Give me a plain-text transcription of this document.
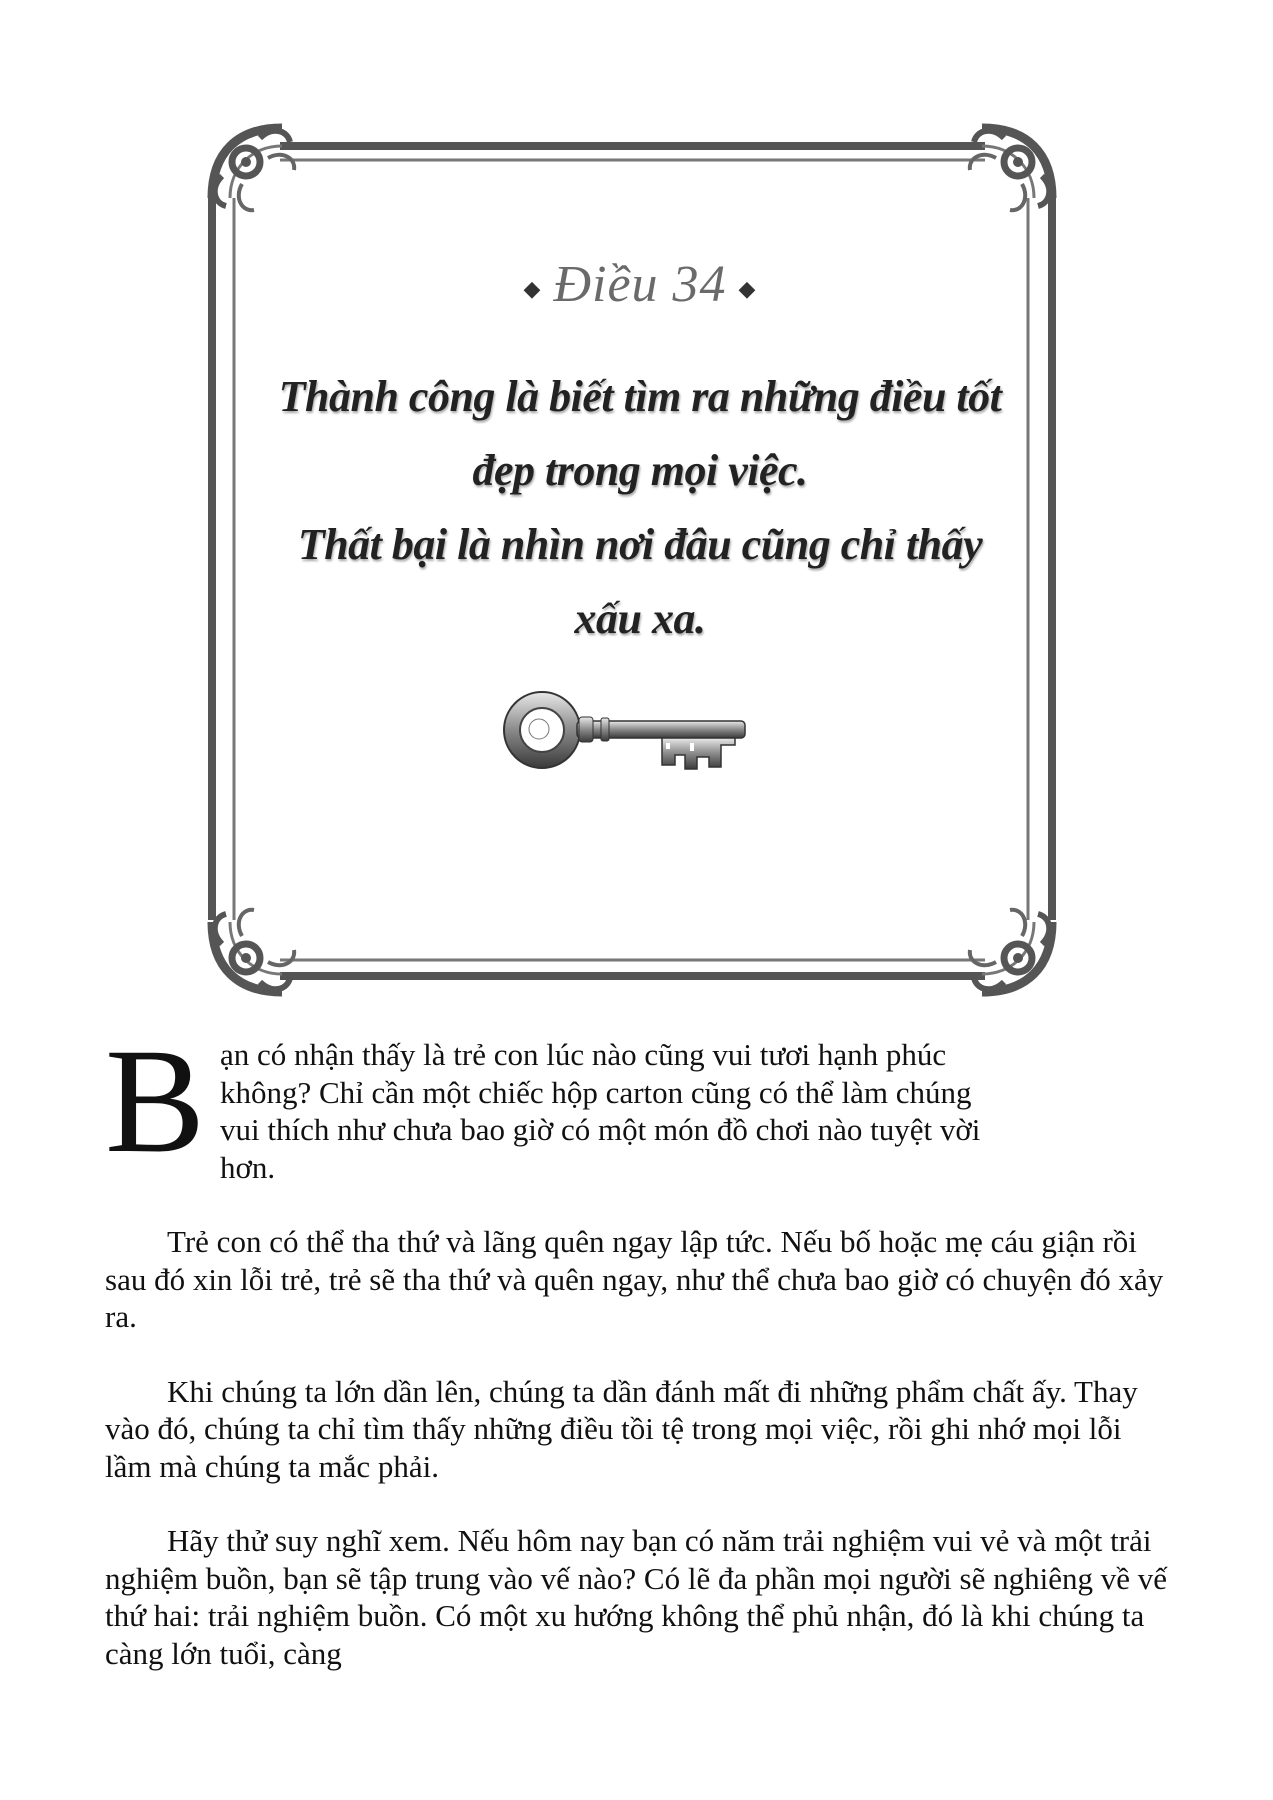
◆ Điều 34 ◆
Thành công là biết tìm ra những điều tốt
đẹp trong mọi việc.
Thất bại là nhìn nơi đâu cũng chỉ thấy
xấu xa.
B ạn có nhận thấy là trẻ con lúc nào cũng vui tươi hạnh phúc
không? Chỉ cần một chiếc hộp carton cũng có thể làm chúng
vui thích như chưa bao giờ có một món đồ chơi nào tuyệt vời
hơn.

Trẻ con có thể tha thứ và lãng quên ngay lập tức. Nếu bố hoặc mẹ cáu giận rồi sau đó xin lỗi trẻ, trẻ sẽ tha thứ và quên ngay, như thể chưa bao giờ có chuyện đó xảy ra.

Khi chúng ta lớn dần lên, chúng ta dần đánh mất đi những phẩm chất ấy. Thay vào đó, chúng ta chỉ tìm thấy những điều tồi tệ trong mọi việc, rồi ghi nhớ mọi lỗi lầm mà chúng ta mắc phải.

Hãy thử suy nghĩ xem. Nếu hôm nay bạn có năm trải nghiệm vui vẻ và một trải nghiệm buồn, bạn sẽ tập trung vào vế nào? Có lẽ đa phần mọi người sẽ nghiêng về vế thứ hai: trải nghiệm buồn. Có một xu hướng không thể phủ nhận, đó là khi chúng ta càng lớn tuổi, càng
